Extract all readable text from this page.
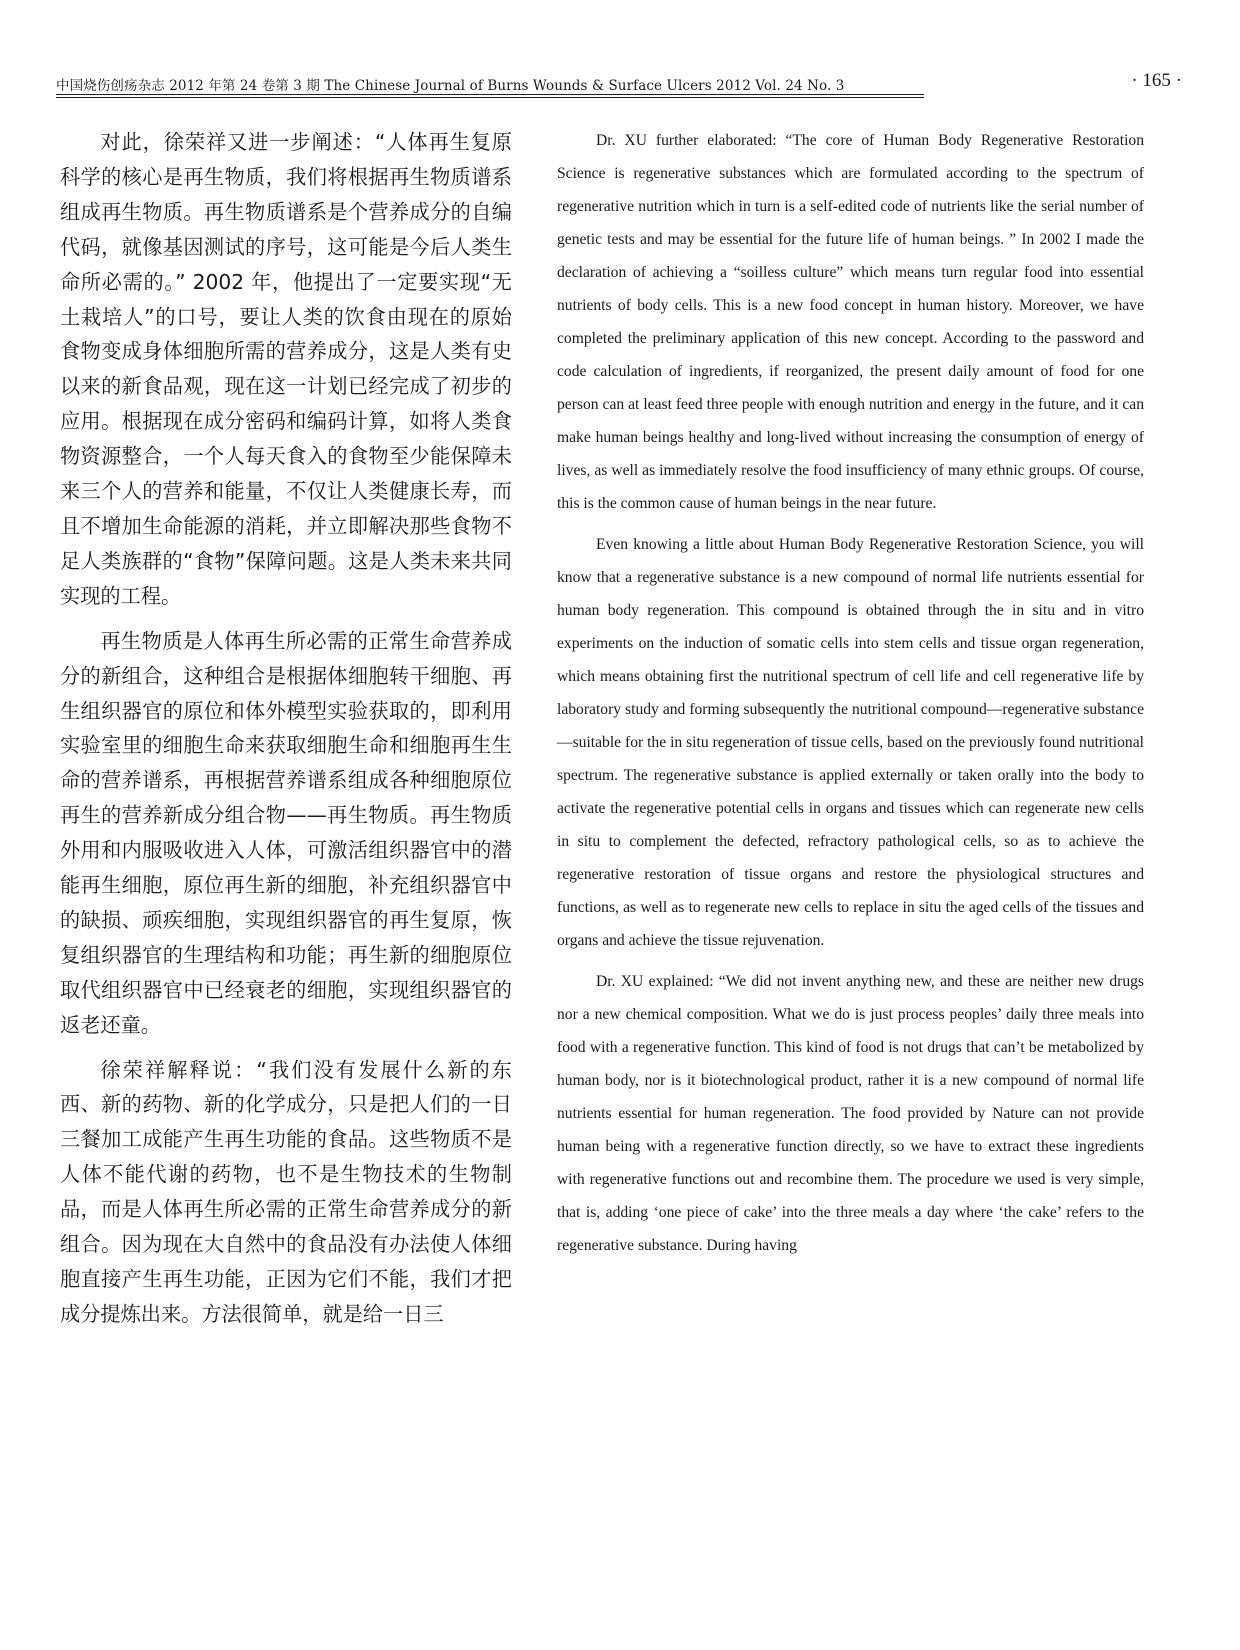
中国烧伤创疡杂志 2012 年第 24 卷第 3 期 The Chinese Journal of Burns Wounds & Surface Ulcers 2012 Vol. 24 No. 3	· 165 ·

对此，徐荣祥又进一步阐述：“人体再生复原科学的核心是再生物质，我们将根据再生物质谱系组成再生物质。再生物质谱系是个营养成分的自编代码，就像基因测试的序号，这可能是今后人类生命所必需的。” 2002 年，他提出了一定要实现“无土栽培人”的口号，要让人类的饮食由现在的原始食物变成身体细胞所需的营养成分，这是人类有史以来的新食品观，现在这一计划已经完成了初步的应用。根据现在成分密码和编码计算，如将人类食物资源整合，一个人每天食入的食物至少能保障未来三个人的营养和能量，不仅让人类健康长寿，而且不增加生命能源的消耗，并立即解决那些食物不足人类族群的“食物”保障问题。这是人类未来共同实现的工程。

再生物质是人体再生所必需的正常生命营养成分的新组合，这种组合是根据体细胞转干细胞、再生组织器官的原位和体外模型实验获取的，即利用实验室里的细胞生命来获取细胞生命和细胞再生生命的营养谱系，再根据营养谱系组成各种细胞原位再生的营养新成分组合物——再生物质。再生物质外用和内服吸收进入人体，可激活组织器官中的潜能再生细胞，原位再生新的细胞，补充组织器官中的缺损、顽疾细胞，实现组织器官的再生复原，恢复组织器官的生理结构和功能；再生新的细胞原位取代组织器官中已经衰老的细胞，实现组织器官的返老还童。

徐荣祥解释说：“我们没有发展什么新的东西、新的药物、新的化学成分，只是把人们的一日三餐加工成能产生再生功能的食品。这些物质不是人体不能代谢的药物，也不是生物技术的生物制品，而是人体再生所必需的正常生命营养成分的新组合。因为现在大自然中的食品没有办法使人体细胞直接产生再生功能，正因为它们不能，我们才把成分提炼出来。方法很简单，就是给一日三

Dr. XU further elaborated: “The core of Human Body Regenerative Restoration Science is regenerative substances which are formulated according to the spectrum of regenerative nutrition which in turn is a self-edited code of nutrients like the serial number of genetic tests and may be essential for the future life of human beings. ” In 2002 I made the declaration of achieving a “soilless culture” which means turn regular food into essential nutrients of body cells. This is a new food concept in human history. Moreover, we have completed the preliminary application of this new concept. According to the password and code calculation of ingredients, if reorganized, the present daily amount of food for one person can at least feed three people with enough nutrition and energy in the future, and it can make human beings healthy and long-lived without increasing the consumption of energy of lives, as well as immediately resolve the food insufficiency of many ethnic groups. Of course, this is the common cause of human beings in the near future.

Even knowing a little about Human Body Regenerative Restoration Science, you will know that a regenerative substance is a new compound of normal life nutrients essential for human body regeneration. This compound is obtained through the in situ and in vitro experiments on the induction of somatic cells into stem cells and tissue organ regeneration, which means obtaining first the nutritional spectrum of cell life and cell regenerative life by laboratory study and forming subsequently the nutritional compound—regenerative substance—suitable for the in situ regeneration of tissue cells, based on the previously found nutritional spectrum. The regenerative substance is applied externally or taken orally into the body to activate the regenerative potential cells in organs and tissues which can regenerate new cells in situ to complement the defected, refractory pathological cells, so as to achieve the regenerative restoration of tissue organs and restore the physiological structures and functions, as well as to regenerate new cells to replace in situ the aged cells of the tissues and organs and achieve the tissue rejuvenation.

Dr. XU explained: “We did not invent anything new, and these are neither new drugs nor a new chemical composition. What we do is just process peoples’ daily three meals into food with a regenerative function. This kind of food is not drugs that can’t be metabolized by human body, nor is it biotechnological product, rather it is a new compound of normal life nutrients essential for human regeneration. The food provided by Nature can not provide human being with a regenerative function directly, so we have to extract these ingredients with regenerative functions out and recombine them. The procedure we used is very simple, that is, adding ‘one piece of cake’ into the three meals a day where ‘the cake’ refers to the regenerative substance. During having
